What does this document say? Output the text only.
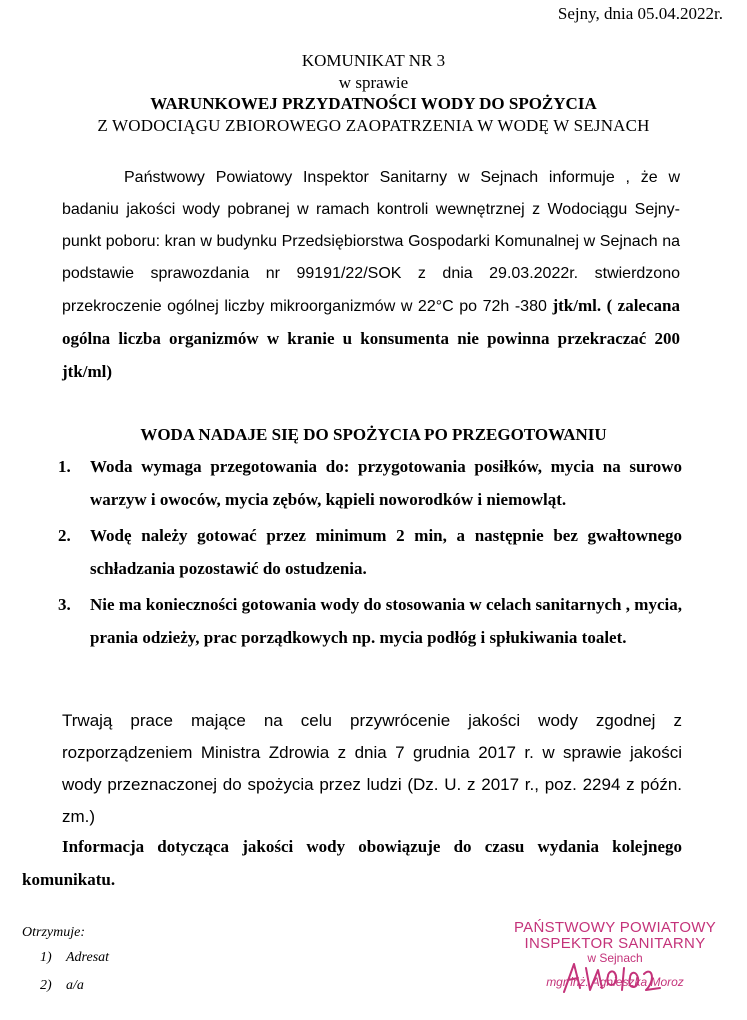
Sejny, dnia 05.04.2022r.
KOMUNIKAT NR 3
w sprawie
WARUNKOWEJ PRZYDATNOŚCI WODY DO SPOŻYCIA
Z WODOCIĄGU ZBIOROWEGO ZAOPATRZENIA W WODĘ W SEJNACH
Państwowy Powiatowy Inspektor Sanitarny w Sejnach informuje , że w badaniu jakości wody pobranej w ramach kontroli wewnętrznej z Wodociągu Sejny- punkt poboru: kran w budynku Przedsiębiorstwa Gospodarki Komunalnej w Sejnach na podstawie sprawozdania nr 99191/22/SOK z dnia 29.03.2022r. stwierdzono przekroczenie ogólnej liczby mikroorganizmów w 22°C po 72h -380 jtk/ml. ( zalecana ogólna liczba organizmów w kranie u konsumenta nie powinna przekraczać 200 jtk/ml)
WODA NADAJE SIĘ DO SPOŻYCIA PO PRZEGOTOWANIU
1. Woda wymaga przegotowania do: przygotowania posiłków, mycia na surowo warzyw i owoców, mycia zębów, kąpieli noworodków i niemowląt.
2. Wodę należy gotować przez minimum 2 min, a następnie bez gwałtownego schładzania pozostawić do ostudzenia.
3. Nie ma konieczności gotowania wody do stosowania w celach sanitarnych , mycia, prania odzieży, prac porządkowych np. mycia podłóg i spłukiwania toalet.
Trwają prace mające na celu przywrócenie jakości wody zgodnej z rozporządzeniem Ministra Zdrowia z dnia 7 grudnia 2017 r. w sprawie jakości wody przeznaczonej do spożycia przez ludzi (Dz. U. z 2017 r., poz. 2294 z późn. zm.)
Informacja dotycząca jakości wody obowiązuje do czasu wydania kolejnego komunikatu.
Otrzymuje:
1) Adresat
2) a/a
PAŃSTWOWY POWIATOWY
INSPEKTOR SANITARNY
w Sejnach
mgr inż. Agnieszka Moroz
